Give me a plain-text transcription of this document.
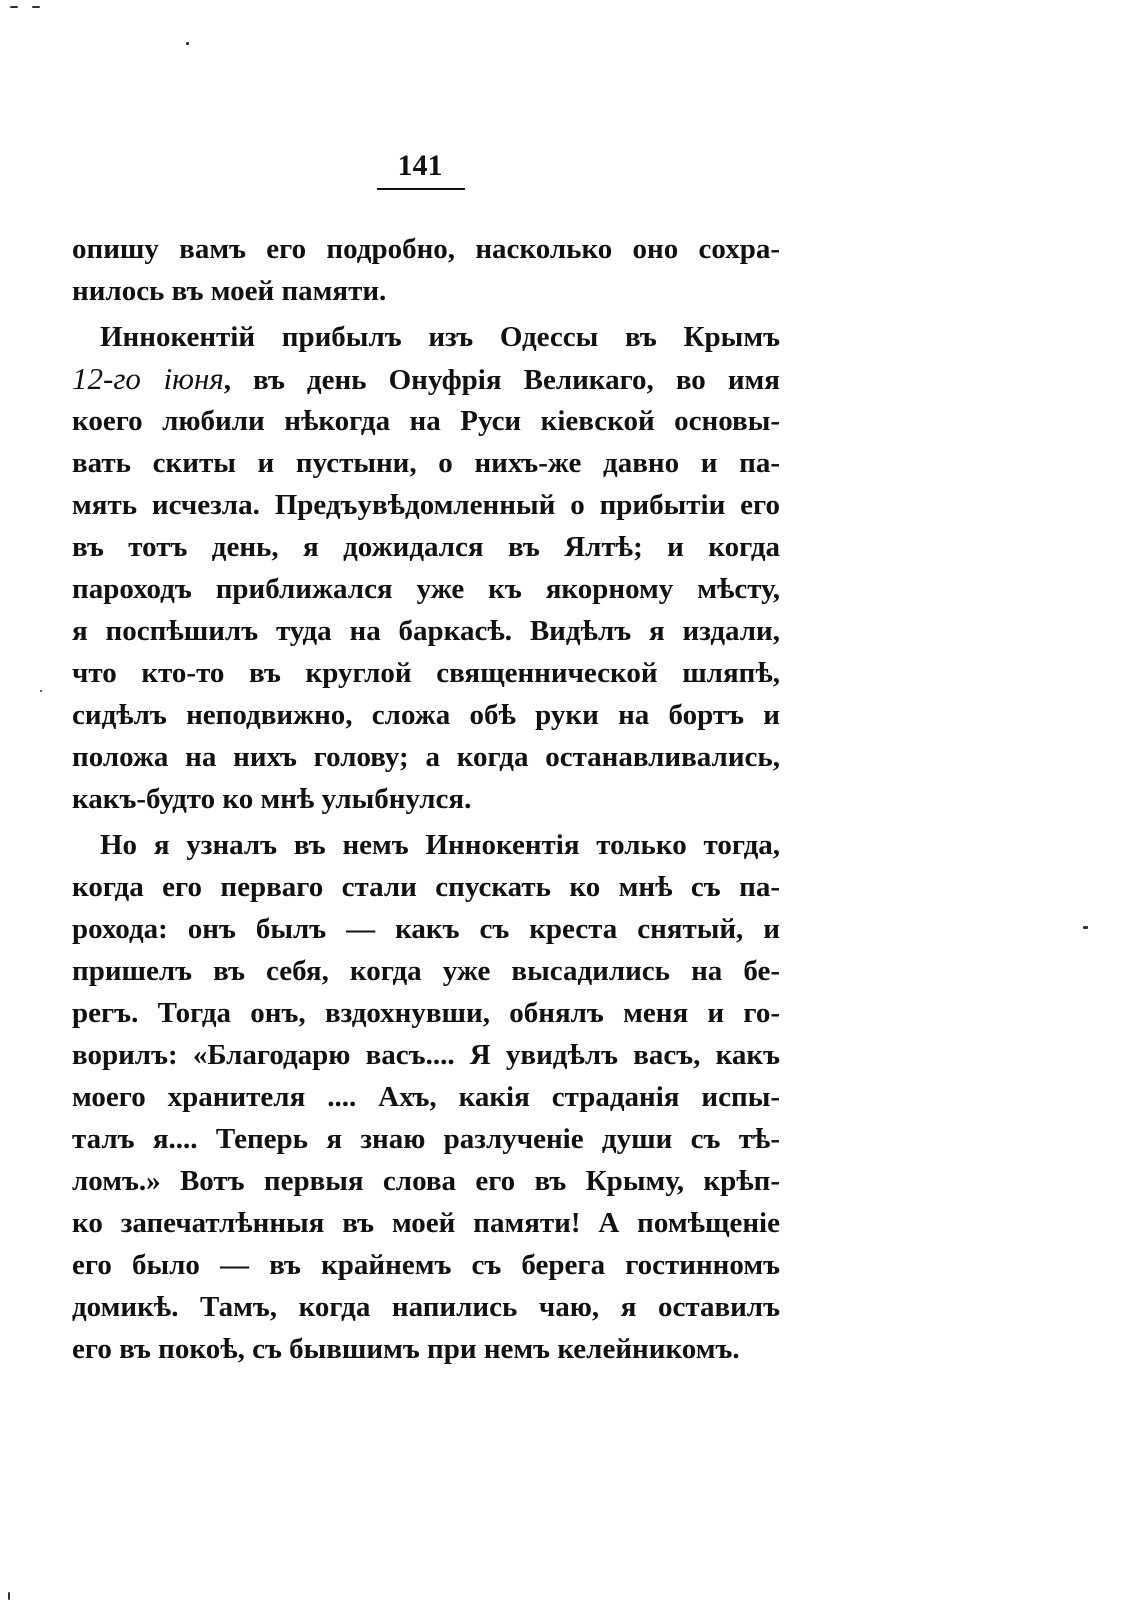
141
опишу вамъ его подробно, насколько оно сохра-
нилось въ моей памяти.
Иннокентій прибылъ изъ Одессы въ Крымъ
12-го іюня, въ день Онуфрія Великаго, во имя
коего любили нѣкогда на Руси кіевской основы-
вать скиты и пустыни, о нихъ-же давно и па-
мять исчезла. Предъувѣдомленный о прибытіи его
въ тотъ день, я дожидался въ Ялтѣ; и когда
пароходъ приближался уже къ якорному мѣсту,
я поспѣшилъ туда на баркасѣ. Видѣлъ я издали,
что кто-то въ круглой священнической шляпѣ,
сидѣлъ неподвижно, сложа обѣ руки на бортъ и
положа на нихъ голову; а когда останавливались,
какъ-будто ко мнѣ улыбнулся.
Но я узналъ въ немъ Иннокентія только тогда,
когда его перваго стали спускать ко мнѣ съ па-
рохода: онъ былъ — какъ съ креста снятый, и
пришелъ въ себя, когда уже высадились на бе-
регъ. Тогда онъ, вздохнувши, обнялъ меня и го-
ворилъ: «Благодарю васъ.... Я увидѣлъ васъ, какъ
моего хранителя .... Ахъ, какія страданія испы-
талъ я.... Теперь я знаю разлученіе души съ тѣ-
ломъ.» Вотъ первыя слова его въ Крыму, крѣп-
ко запечатлѣнныя въ моей памяти! А помѣщеніе
его было — въ крайнемъ съ берега гостинномъ
домикѣ. Тамъ, когда напились чаю, я оставилъ
его въ покоѣ, съ бывшимъ при немъ келейникомъ.
